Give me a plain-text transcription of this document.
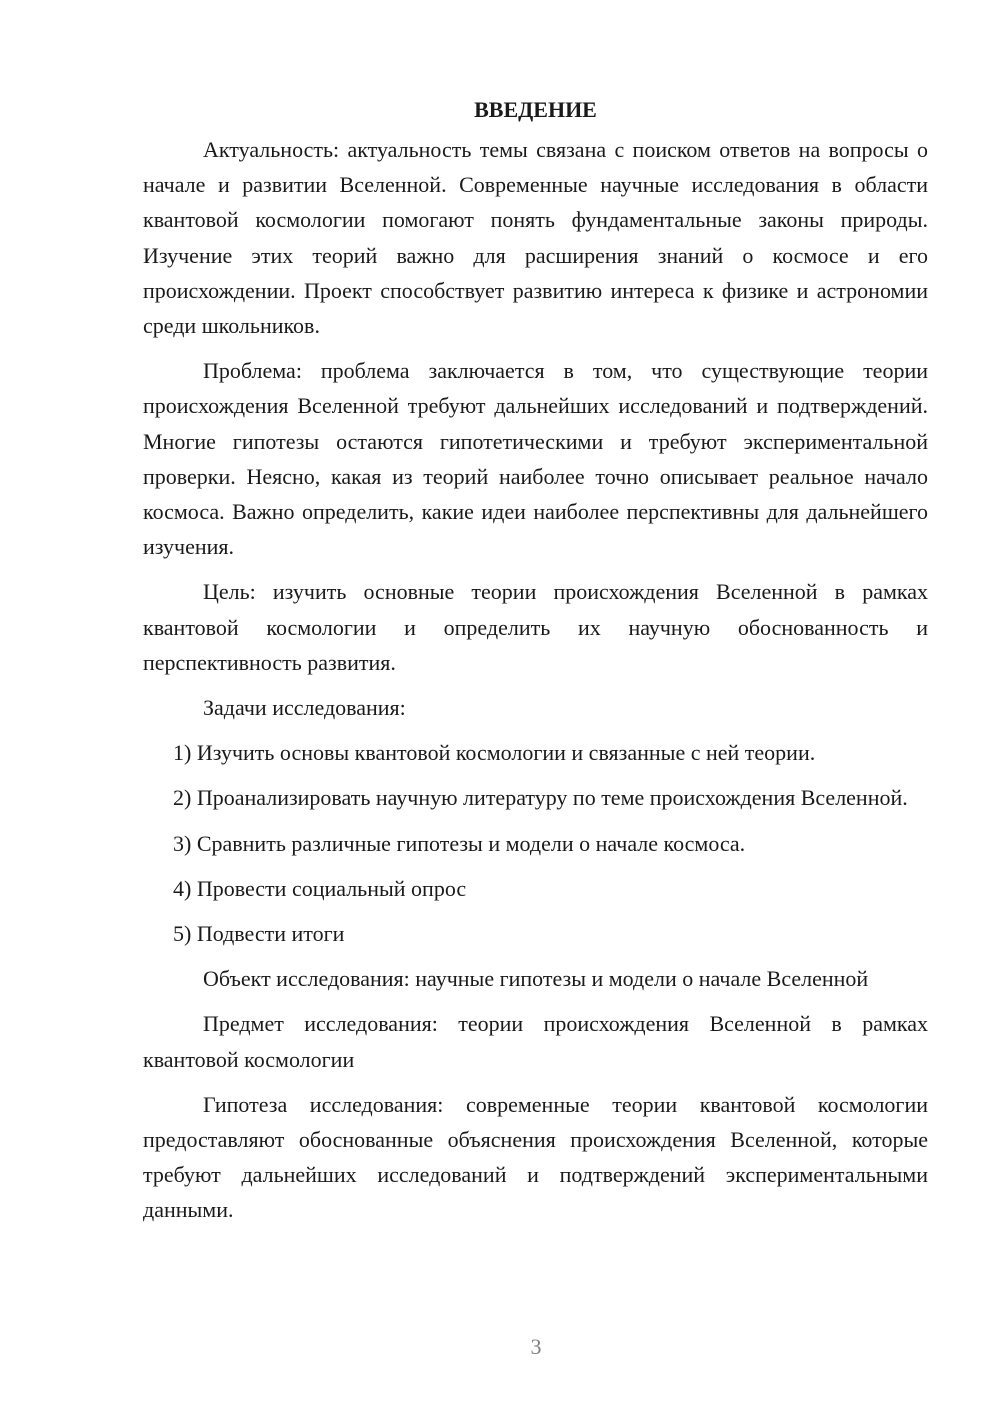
ВВЕДЕНИЕ

Актуальность: актуальность темы связана с поиском ответов на вопросы о начале и развитии Вселенной. Современные научные исследования в области квантовой космологии помогают понять фундаментальные законы природы. Изучение этих теорий важно для расширения знаний о космосе и его происхождении. Проект способствует развитию интереса к физике и астрономии среди школьников.

Проблема: проблема заключается в том, что существующие теории происхождения Вселенной требуют дальнейших исследований и подтверждений. Многие гипотезы остаются гипотетическими и требуют экспериментальной проверки. Неясно, какая из теорий наиболее точно описывает реальное начало космоса. Важно определить, какие идеи наиболее перспективны для дальнейшего изучения.

Цель: изучить основные теории происхождения Вселенной в рамках квантовой космологии и определить их научную обоснованность и перспективность развития.

Задачи исследования:

1) Изучить основы квантовой космологии и связанные с ней теории.

2) Проанализировать научную литературу по теме происхождения Вселенной.

3) Сравнить различные гипотезы и модели о начале космоса.

4) Провести социальный опрос

5) Подвести итоги

Объект исследования: научные гипотезы и модели о начале Вселенной

Предмет исследования: теории происхождения Вселенной в рамках квантовой космологии

Гипотеза исследования: современные теории квантовой космологии предоставляют обоснованные объяснения происхождения Вселенной, которые требуют дальнейших исследований и подтверждений экспериментальными данными.

3
